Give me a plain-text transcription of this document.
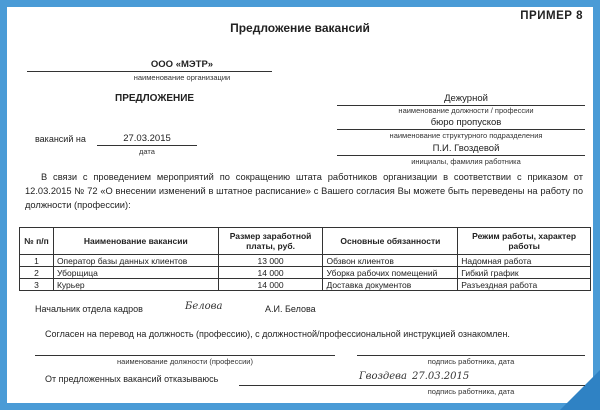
Предложение вакансий
ПРИМЕР 8
ООО «МЭТР»
наименование организации
ПРЕДЛОЖЕНИЕ
вакансий на	27.03.2015
дата
Дежурной
наименование должности / профессии
бюро пропусков
наименование структурного подразделения
П.И. Гвоздевой
инициалы, фамилия работника
В связи с проведением мероприятий по сокращению штата работников организации в соответствии с приказом от 12.03.2015 № 72 «О внесении изменений в штатное расписание» с Вашего согласия Вы можете быть переведены на работу по должности (профессии):
№ п/п	Наименование вакансии	Размер заработной платы, руб.	Основные обязанности	Режим работы, характер работы
1	Оператор базы данных клиентов	13 000	Обзвон клиентов	Надомная работа
2	Уборщица	14 000	Уборка рабочих помещений	Гибкий график
3	Курьер	14 000	Доставка документов	Разъездная работа
Начальник отдела кадров	Белова	А.И. Белова
Согласен на перевод на должность (профессию), с должностной/профессиональной инструкцией ознакомлен.
наименование должности (профессии)	подпись работника, дата
От предложенных вакансий отказываюсь	Гвоздева 27.03.2015
подпись работника, дата
